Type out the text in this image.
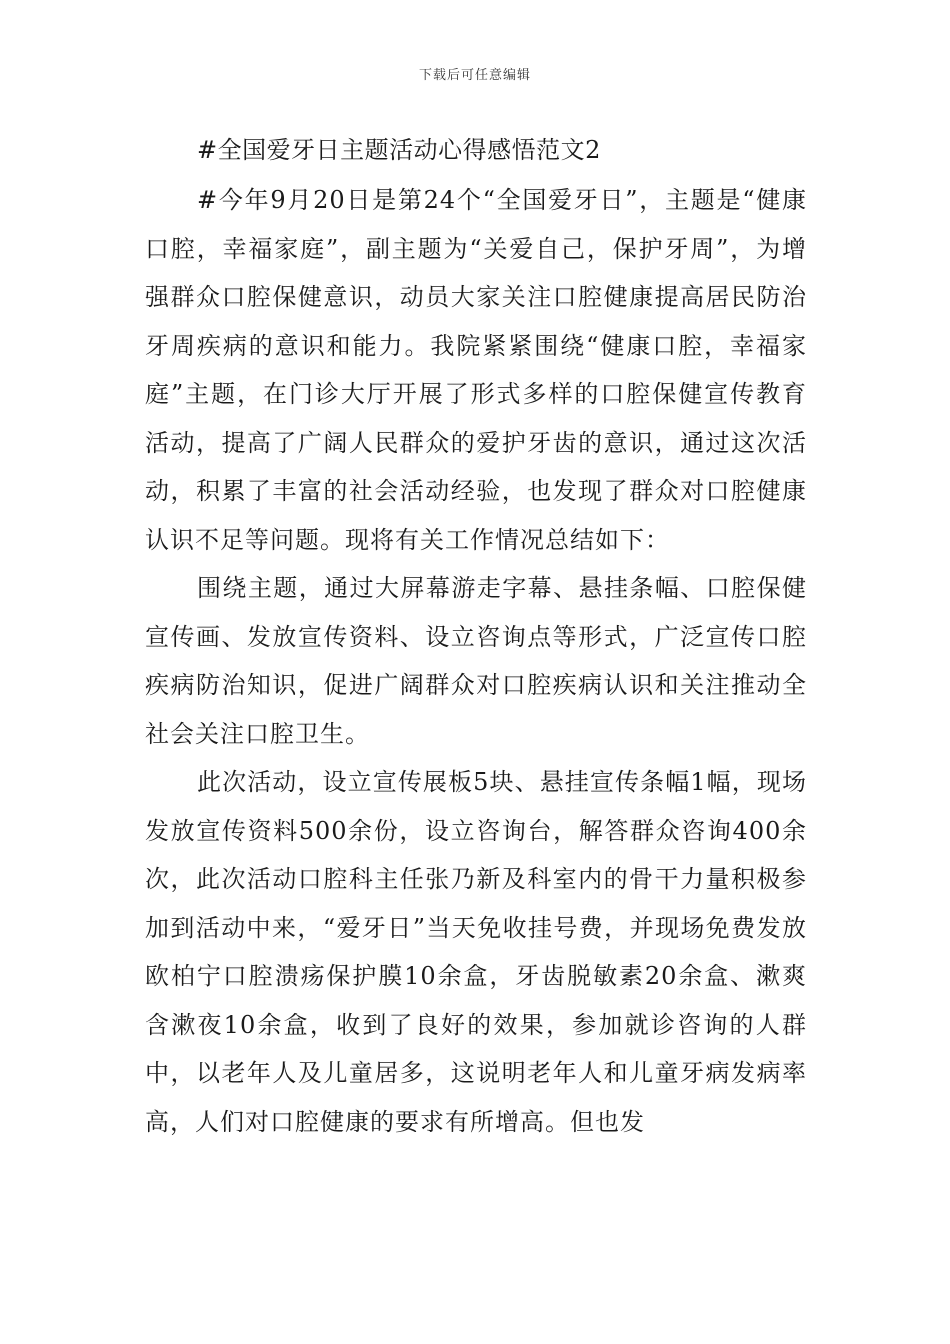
下载后可任意编辑
#全国爱牙日主题活动心得感悟范文2

#今年9月20日是第24个“全国爱牙日”，主题是“健康口腔，幸福家庭”，副主题为“关爱自己，保护牙周”，为增强群众口腔保健意识，动员大家关注口腔健康提高居民防治牙周疾病的意识和能力。我院紧紧围绕“健康口腔，幸福家庭”主题，在门诊大厅开展了形式多样的口腔保健宣传教育活动，提高了广阔人民群众的爱护牙齿的意识，通过这次活动，积累了丰富的社会活动经验，也发现了群众对口腔健康认识不足等问题。现将有关工作情况总结如下：

围绕主题，通过大屏幕游走字幕、悬挂条幅、口腔保健宣传画、发放宣传资料、设立咨询点等形式，广泛宣传口腔疾病防治知识，促进广阔群众对口腔疾病认识和关注推动全社会关注口腔卫生。

此次活动，设立宣传展板5块、悬挂宣传条幅1幅，现场发放宣传资料500余份，设立咨询台，解答群众咨询400余次，此次活动口腔科主任张乃新及科室内的骨干力量积极参加到活动中来，“爱牙日”当天免收挂号费，并现场免费发放欧柏宁口腔溃疡保护膜10余盒，牙齿脱敏素20余盒、漱爽含漱夜10余盒，收到了良好的效果，参加就诊咨询的人群中，以老年人及儿童居多，这说明老年人和儿童牙病发病率高，人们对口腔健康的要求有所增高。但也发
